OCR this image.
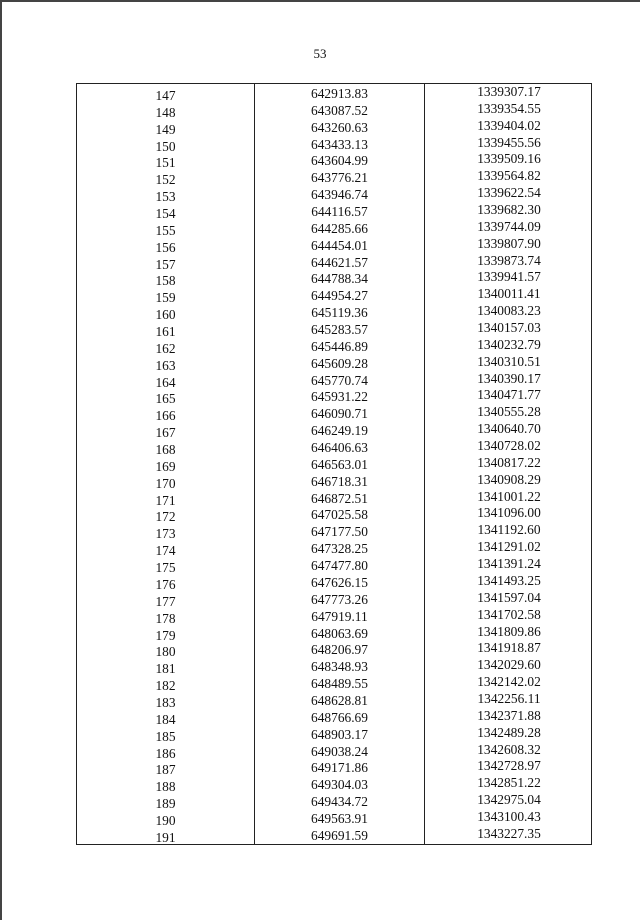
53
147	642913.83	1339307.17
148	643087.52	1339354.55
149	643260.63	1339404.02
150	643433.13	1339455.56
151	643604.99	1339509.16
152	643776.21	1339564.82
153	643946.74	1339622.54
154	644116.57	1339682.30
155	644285.66	1339744.09
156	644454.01	1339807.90
157	644621.57	1339873.74
158	644788.34	1339941.57
159	644954.27	1340011.41
160	645119.36	1340083.23
161	645283.57	1340157.03
162	645446.89	1340232.79
163	645609.28	1340310.51
164	645770.74	1340390.17
165	645931.22	1340471.77
166	646090.71	1340555.28
167	646249.19	1340640.70
168	646406.63	1340728.02
169	646563.01	1340817.22
170	646718.31	1340908.29
171	646872.51	1341001.22
172	647025.58	1341096.00
173	647177.50	1341192.60
174	647328.25	1341291.02
175	647477.80	1341391.24
176	647626.15	1341493.25
177	647773.26	1341597.04
178	647919.11	1341702.58
179	648063.69	1341809.86
180	648206.97	1341918.87
181	648348.93	1342029.60
182	648489.55	1342142.02
183	648628.81	1342256.11
184	648766.69	1342371.88
185	648903.17	1342489.28
186	649038.24	1342608.32
187	649171.86	1342728.97
188	649304.03	1342851.22
189	649434.72	1342975.04
190	649563.91	1343100.43
191	649691.59	1343227.35
